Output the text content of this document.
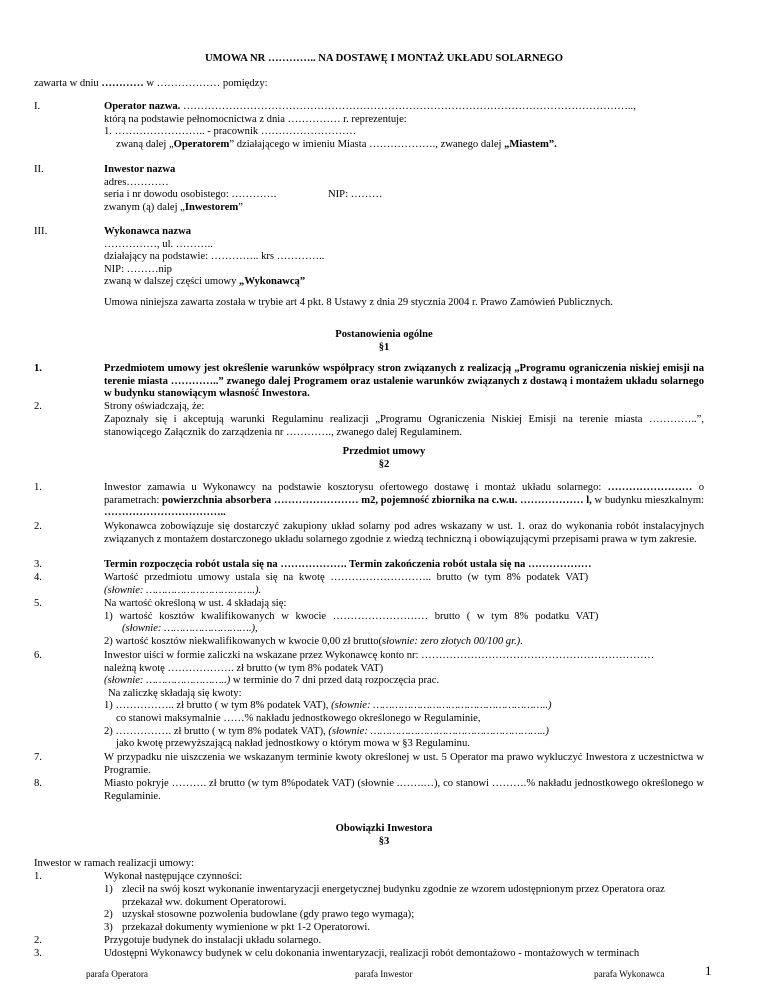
UMOWA NR ………….. NA DOSTAWĘ I MONTAŻ UKŁADU SOLARNEGO
zawarta w dniu ………… w ……………… pomiędzy:
I.	Operator nazwa. ………………………………………………………………………………………………………………..,
którą na podstawie pełnomocnictwa z dnia …………… r. reprezentuje:
1. …………………….. - pracownik ………………………
zwaną dalej „Operatorem” działającego w imieniu Miasta ………………., zwanego dalej „Miastem”.
II.	Inwestor nazwa
adres…………
seria i nr dowodu osobistego: ………….	NIP: ………
zwanym (ą) dalej „Inwestorem”
III.	Wykonawca nazwa
……………, ul. ………..
działający na podstawie: ………….. krs …………..
NIP: ………nip
zwaną w dalszej części umowy „Wykonawcą”
Umowa niniejsza zawarta została w trybie art 4 pkt. 8 Ustawy z dnia 29 stycznia 2004 r. Prawo Zamówień Publicznych.
Postanowienia ogólne
§1
1.	Przedmiotem umowy jest określenie warunków współpracy stron związanych z realizacją „Programu ograniczenia niskiej emisji na terenie miasta …………..” zwanego dalej Programem oraz ustalenie warunków związanych z dostawą i montażem układu solarnego w budynku stanowiącym własność Inwestora.
2.	Strony oświadczają, że:
Zapoznały się i akceptują warunki Regulaminu realizacji „Programu Ograniczenia Niskiej Emisji na terenie miasta …………..”, stanowiącego Załącznik do zarządzenia nr …………., zwanego dalej Regulaminem.
Przedmiot umowy
§2
1.	Inwestor zamawia u Wykonawcy na podstawie kosztorysu ofertowego dostawę i montaż układu solarnego: …………………… o parametrach: powierzchnia absorbera …………………… m2, pojemność zbiornika na c.w.u. ……………… l, w budynku mieszkalnym: ……………………………..
2.	Wykonawca zobowiązuje się dostarczyć zakupiony układ solarny pod adres wskazany w ust. 1. oraz do wykonania robót instalacyjnych związanych z montażem dostarczonego układu solarnego zgodnie z wiedzą techniczną i obowiązującymi przepisami prawa w tym zakresie.
3.	Termin rozpoczęcia robót ustala się na ………………. Termin zakończenia robót ustala się na ………………
4.	Wartość przedmiotu umowy ustala się na kwotę ……………………….. brutto (w tym 8% podatek VAT)
(słownie: ……………………………..).
5.	Na wartość określoną w ust. 4 składają się:
1) wartość kosztów kwalifikowanych w kwocie ……………………… brutto ( w tym 8% podatku VAT)
(słownie: ……………………….),
2) wartość kosztów niekwalifikowanych w kwocie 0,00 zł brutto(słownie: zero złotych 00/100 gr.).
6.	Inwestor uiści w formie zaliczki na wskazane przez Wykonawcę konto nr: …………………………………………………………
należną kwotę ………………. zł brutto (w tym 8% podatek VAT)
(słownie: ……………………..) w terminie do 7 dni przed datą rozpoczęcia prac.
Na zaliczkę składają się kwoty:
1) …………….. zł brutto ( w tym 8% podatek VAT), (słownie: ………………………………………………..)
co stanowi maksymalnie ……% nakładu jednostkowego określonego w Regulaminie,
2) ……………. zł brutto ( w tym 8% podatek VAT), (słownie: ………………………………………………..)
jako kwotę przewyższającą nakład jednostkowy o którym mowa w §3 Regulaminu.
7.	W przypadku nie uiszczenia we wskazanym terminie kwoty określonej w ust. 5 Operator ma prawo wykluczyć Inwestora z uczestnictwa w Programie.
8.	Miasto pokryje ………. zł brutto (w tym 8%podatek VAT) (słownie .…….…), co stanowi ……….% nakładu jednostkowego określonego w Regulaminie.
Obowiązki Inwestora
§3
Inwestor w ramach realizacji umowy:
1.	Wykonał następujące czynności:
1) zlecił na swój koszt wykonanie inwentaryzacji energetycznej budynku zgodnie ze wzorem udostępnionym przez Operatora oraz przekazał ww. dokument Operatorowi.
2) uzyskał stosowne pozwolenia budowlane (gdy prawo tego wymaga);
3) przekazał dokumenty wymienione w pkt 1-2 Operatorowi.
2.	Przygotuje budynek do instalacji układu solarnego.
3.	Udostępni Wykonawcy budynek w celu dokonania inwentaryzacji, realizacji robót demontażowo - montażowych w terminach
parafa Operatora	parafa Inwestor	parafa Wykonawca	1
